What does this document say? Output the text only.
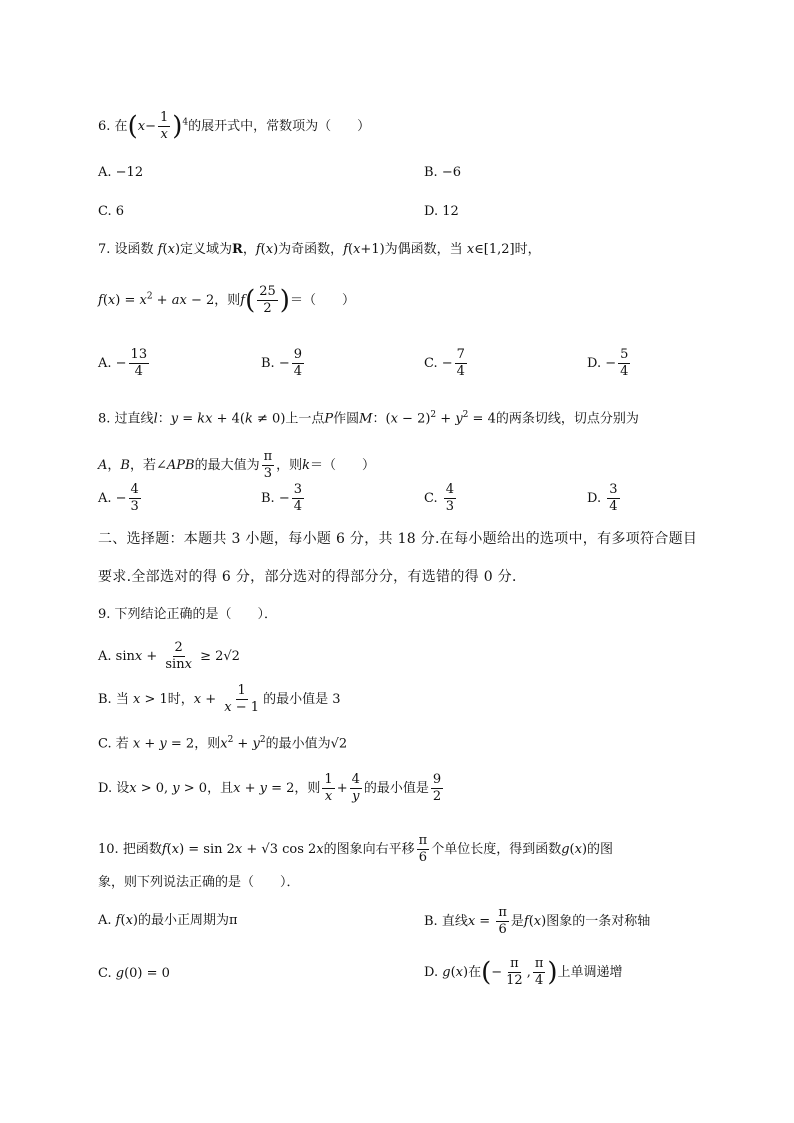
6. 在$(x- \frac{1}{x} )^4$的展开式中，常数项为（　　）
A. −12	B. −6
C. 6	D. 12
7. 设函数 f(x)定义域为R，f(x)为奇函数，f(x+1)为偶函数，当 x∈[1,2]时，
$f(x) = x^2$ + ax − 2，则$f( \frac{25}{2}$ )＝（　　）
A. − $\frac{13}{4}$	B. − $\frac{9}{4}$	C. − $\frac{7}{4}$	D. − $\frac{5}{4}$
8. 过直线l：y = kx + 4(k ≠ 0)上一点P作圆M：$(x - 2)^2 + y^2 = 4$的两条切线，切点分别为
A，B，若∠APB的最大值为 $\frac{\pi}{3}$ ，则k＝（　　）
A. − $\frac{4}{3}$	B. − $\frac{3}{4}$	C. $\frac{4}{3}$	D. $\frac{3}{4}$
二、选择题：本题共 3 小题，每小题 6 分，共 18 分.在每小题给出的选项中，有多项符合题目
要求.全部选对的得 6 分，部分选对的得部分分，有选错的得 0 分．
9. 下列结论正确的是（　　）．
A. $\sin x + \frac{2}{\sin x} \ge 2√2$
B. 当 x > 1时，$x + \frac{1}{x - 1}$ 的最小值是 3
C. 若 x + y = 2，则$x^2 + y^2$的最小值为√2
D. 设x > 0, y > 0，且x + y = 2，则 $\frac{1}{x} + \frac{4}{y}$ 的最小值是 $\frac{9}{2}$
10. 把函数f(x) = sin 2x + √3 cos 2x的图象向右平移 $\frac{\pi}{6}$ 个单位长度，得到函数g(x)的图
象，则下列说法正确的是（　　）．
A. f(x)的最小正周期为π	B. 直线$x = \frac{\pi}{6}$ 是f(x)图象的一条对称轴
C. g(0) = 0	D. g(x)在(− $\frac{\pi}{12}$ , $\frac{\pi}{4}$ )上单调递增
